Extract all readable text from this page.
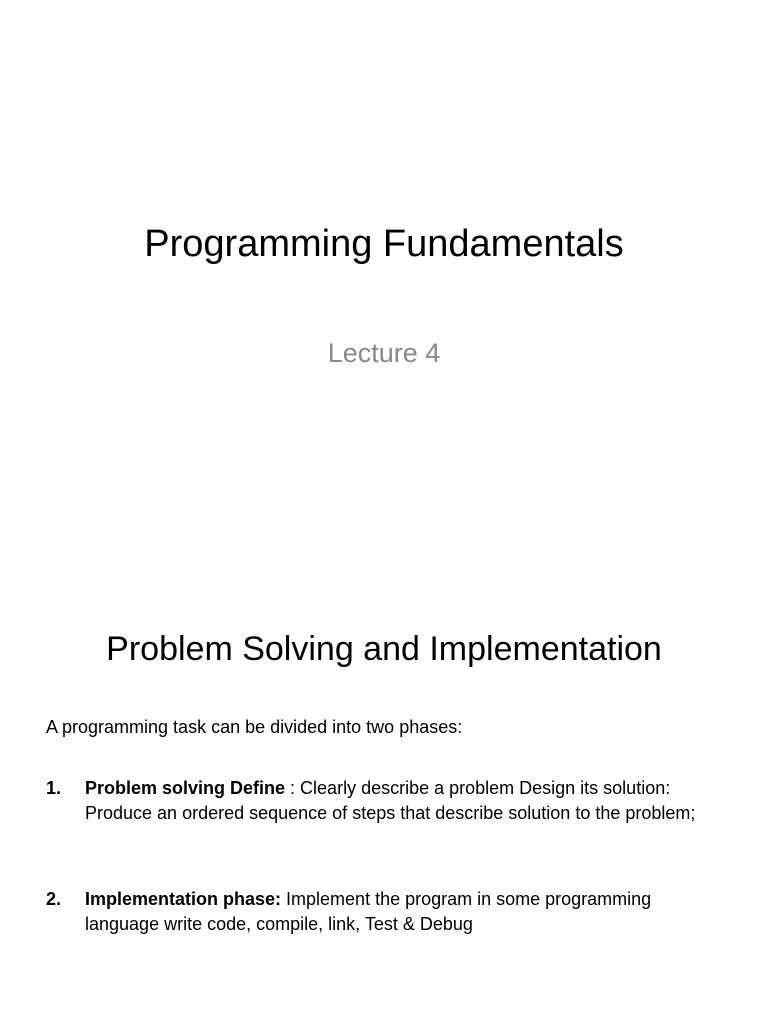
Programming Fundamentals
Lecture 4
Problem Solving and Implementation
A programming task can be divided into two phases:
1. Problem solving Define : Clearly describe a problem Design its solution: Produce an ordered sequence of steps that describe solution to the problem;
2. Implementation phase: Implement the program in some programming language write code, compile, link, Test & Debug
